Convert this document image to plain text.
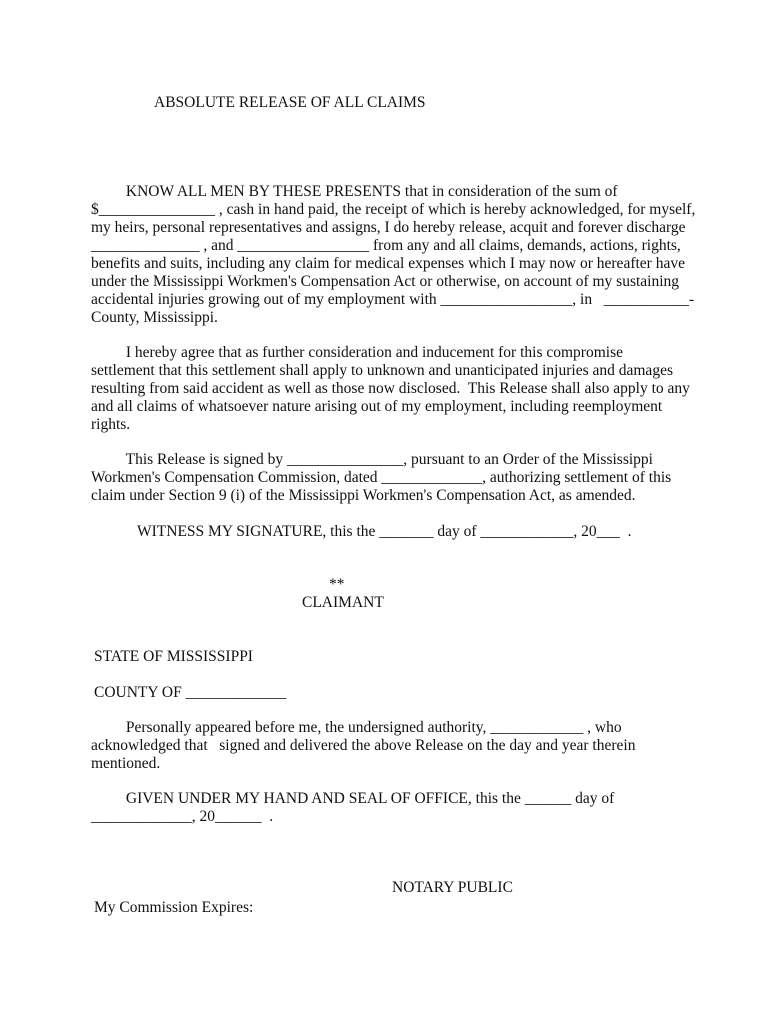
ABSOLUTE RELEASE OF ALL CLAIMS
KNOW ALL MEN BY THESE PRESENTS that in consideration of the sum of
$_______________ , cash in hand paid, the receipt of which is hereby acknowledged, for myself,
my heirs, personal representatives and assigns, I do hereby release, acquit and forever discharge
______________ , and _________________ from any and all claims, demands, actions, rights,
benefits and suits, including any claim for medical expenses which I may now or hereafter have
under the Mississippi Workmen's Compensation Act or otherwise, on account of my sustaining
accidental injuries growing out of my employment with _________________, in   ___________-
County, Mississippi.
I hereby agree that as further consideration and inducement for this compromise
settlement that this settlement shall apply to unknown and unanticipated injuries and damages
resulting from said accident as well as those now disclosed.  This Release shall also apply to any
and all claims of whatsoever nature arising out of my employment, including reemployment
rights.
This Release is signed by _______________, pursuant to an Order of the Mississippi
Workmen's Compensation Commission, dated _____________, authorizing settlement of this
claim under Section 9 (i) of the Mississippi Workmen's Compensation Act, as amended.
WITNESS MY SIGNATURE, this the _______ day of ____________, 20___  .
**
CLAIMANT
STATE OF MISSISSIPPI
COUNTY OF _____________
Personally appeared before me, the undersigned authority, ____________ , who
acknowledged that   signed and delivered the above Release on the day and year therein
mentioned.
GIVEN UNDER MY HAND AND SEAL OF OFFICE, this the ______ day of
_____________, 20______  .
NOTARY PUBLIC
My Commission Expires:
